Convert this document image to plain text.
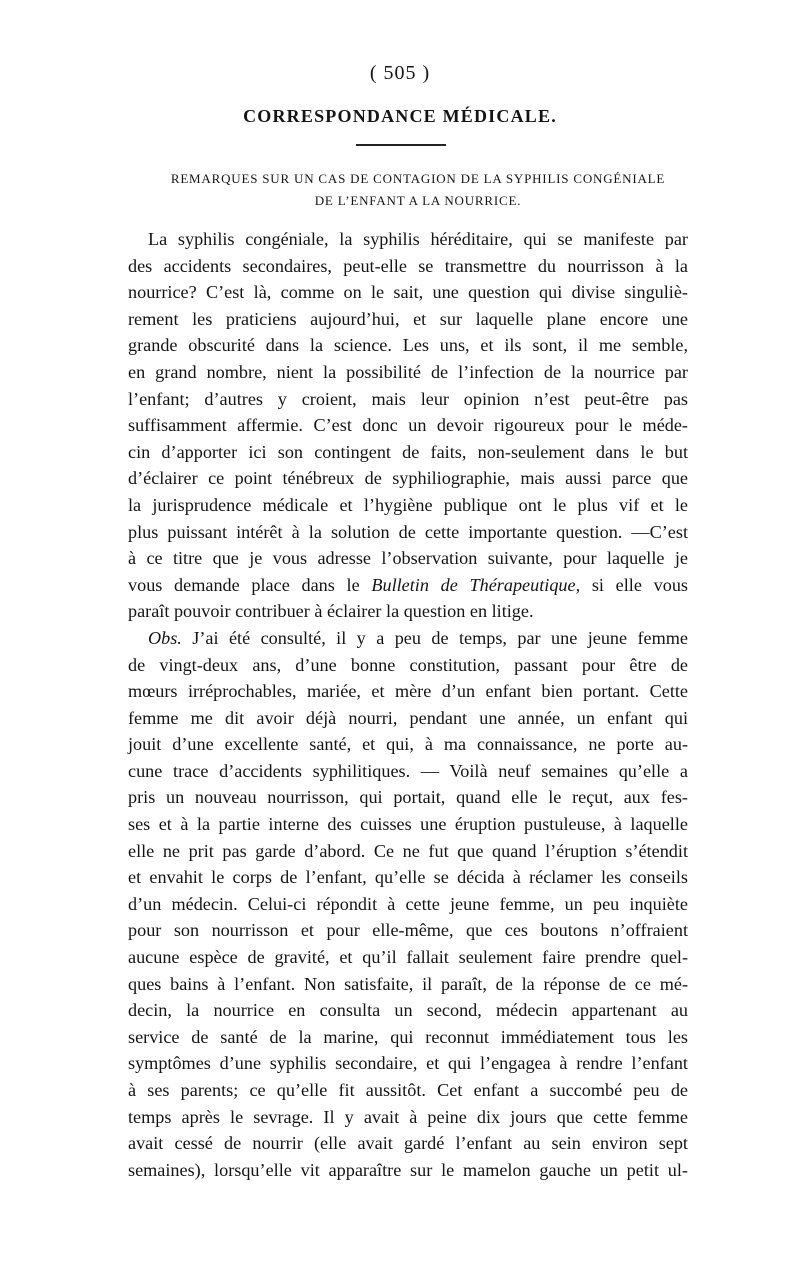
( 505 )
CORRESPONDANCE MÉDICALE.
REMARQUES SUR UN CAS DE CONTAGION DE LA SYPHILIS CONGÉNIALE
DE L’ENFANT A LA NOURRICE.
La syphilis congéniale, la syphilis héréditaire, qui se manifeste par
des accidents secondaires, peut-elle se transmettre du nourrisson à la
nourrice? C’est là, comme on le sait, une question qui divise singuliè-
rement les praticiens aujourd’hui, et sur laquelle plane encore une
grande obscurité dans la science. Les uns, et ils sont, il me semble,
en grand nombre, nient la possibilité de l’infection de la nourrice par
l’enfant; d’autres y croient, mais leur opinion n’est peut-être pas
suffisamment affermie. C’est donc un devoir rigoureux pour le méde-
cin d’apporter ici son contingent de faits, non-seulement dans le but
d’éclairer ce point ténébreux de syphiliographie, mais aussi parce que
la jurisprudence médicale et l’hygiène publique ont le plus vif et le
plus puissant intérêt à la solution de cette importante question. —C’est
à ce titre que je vous adresse l’observation suivante, pour laquelle je
vous demande place dans le Bulletin de Thérapeutique, si elle vous
paraît pouvoir contribuer à éclairer la question en litige.
Obs. J’ai été consulté, il y a peu de temps, par une jeune femme
de vingt-deux ans, d’une bonne constitution, passant pour être de
mœurs irréprochables, mariée, et mère d’un enfant bien portant. Cette
femme me dit avoir déjà nourri, pendant une année, un enfant qui
jouit d’une excellente santé, et qui, à ma connaissance, ne porte au-
cune trace d’accidents syphilitiques. — Voilà neuf semaines qu’elle a
pris un nouveau nourrisson, qui portait, quand elle le reçut, aux fes-
ses et à la partie interne des cuisses une éruption pustuleuse, à laquelle
elle ne prit pas garde d’abord. Ce ne fut que quand l’éruption s’étendit
et envahit le corps de l’enfant, qu’elle se décida à réclamer les conseils
d’un médecin. Celui-ci répondit à cette jeune femme, un peu inquiète
pour son nourrisson et pour elle-même, que ces boutons n’offraient
aucune espèce de gravité, et qu’il fallait seulement faire prendre quel-
ques bains à l’enfant. Non satisfaite, il paraît, de la réponse de ce mé-
decin, la nourrice en consulta un second, médecin appartenant au
service de santé de la marine, qui reconnut immédiatement tous les
symptômes d’une syphilis secondaire, et qui l’engagea à rendre l’enfant
à ses parents; ce qu’elle fit aussitôt. Cet enfant a succombé peu de
temps après le sevrage. Il y avait à peine dix jours que cette femme
avait cessé de nourrir (elle avait gardé l’enfant au sein environ sept
semaines), lorsqu’elle vit apparaître sur le mamelon gauche un petit ul-
